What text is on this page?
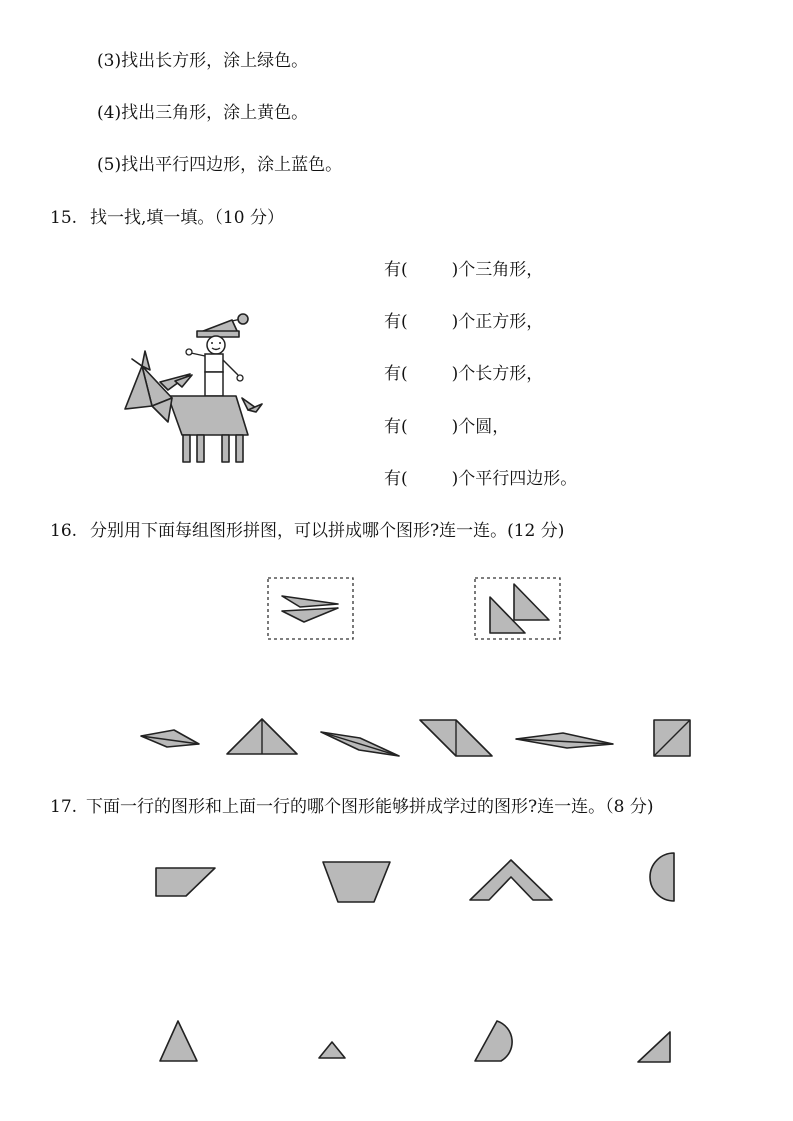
(3)找出长方形，涂上绿色。
(4)找出三角形，涂上黄色。
(5)找出平行四边形，涂上蓝色。
15. 找一找,填一填。（10 分）
有(	)个三角形，
有(	)个正方形，
有(	)个长方形，
有(	)个圆，
有(	)个平行四边形。
16. 分别用下面每组图形拼图，可以拼成哪个图形?连一连。(12 分)
17. 下面一行的图形和上面一行的哪个图形能够拼成学过的图形?连一连。（8 分)
